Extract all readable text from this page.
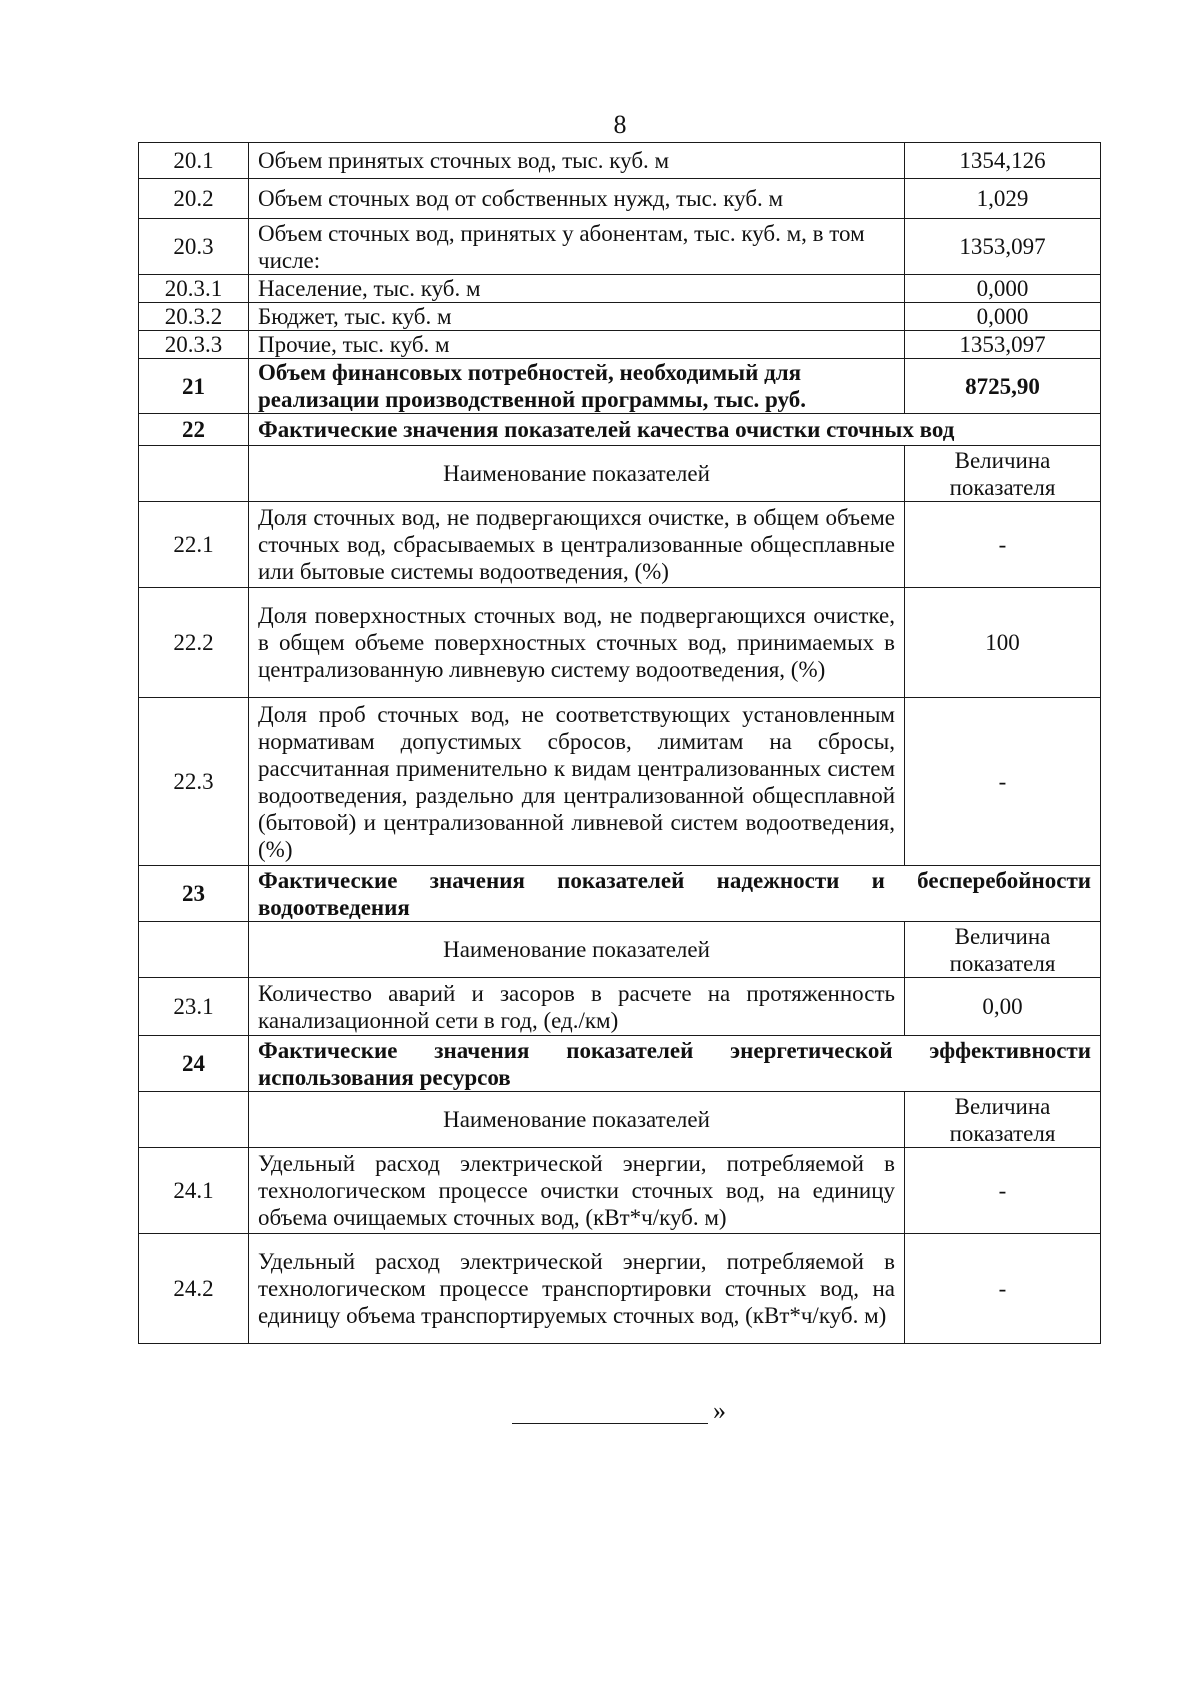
8
20.1	Объем принятых сточных вод, тыс. куб. м	1354,126
20.2	Объем сточных вод от собственных нужд, тыс. куб. м	1,029
20.3	Объем сточных вод, принятых у абонентам, тыс. куб. м, в том числе:	1353,097
20.3.1	Население, тыс. куб. м	0,000
20.3.2	Бюджет, тыс. куб. м	0,000
20.3.3	Прочие, тыс. куб. м	1353,097
21	Объем финансовых потребностей, необходимый для реализации производственной программы, тыс. руб.	8725,90
22	Фактические значения показателей качества очистки сточных вод	
	Наименование показателей	Величина показателя
22.1	Доля сточных вод, не подвергающихся очистке, в общем объеме сточных вод, сбрасываемых в централизованные общесплавные или бытовые системы водоотведения, (%)	-
22.2	Доля поверхностных сточных вод, не подвергающихся очистке, в общем объеме поверхностных сточных вод, принимаемых в централизованную ливневую систему водоотведения, (%)	100
22.3	Доля проб сточных вод, не соответствующих установленным нормативам допустимых сбросов, лимитам на сбросы, рассчитанная применительно к видам централизованных систем водоотведения, раздельно для централизованной общесплавной (бытовой) и централизованной ливневой систем водоотведения, (%)	-
23	Фактические значения показателей надежности и бесперебойности водоотведения	
	Наименование показателей	Величина показателя
23.1	Количество аварий и засоров в расчете на протяженность канализационной сети в год, (ед./км)	0,00
24	Фактические значения показателей энергетической эффективности использования ресурсов	
	Наименование показателей	Величина показателя
24.1	Удельный расход электрической энергии, потребляемой в технологическом процессе очистки сточных вод, на единицу объема очищаемых сточных вод, (кВт*ч/куб. м)	-
24.2	Удельный расход электрической энергии, потребляемой в технологическом процессе транспортировки сточных вод, на единицу объема транспортируемых сточных вод, (кВт*ч/куб. м)	-
»
